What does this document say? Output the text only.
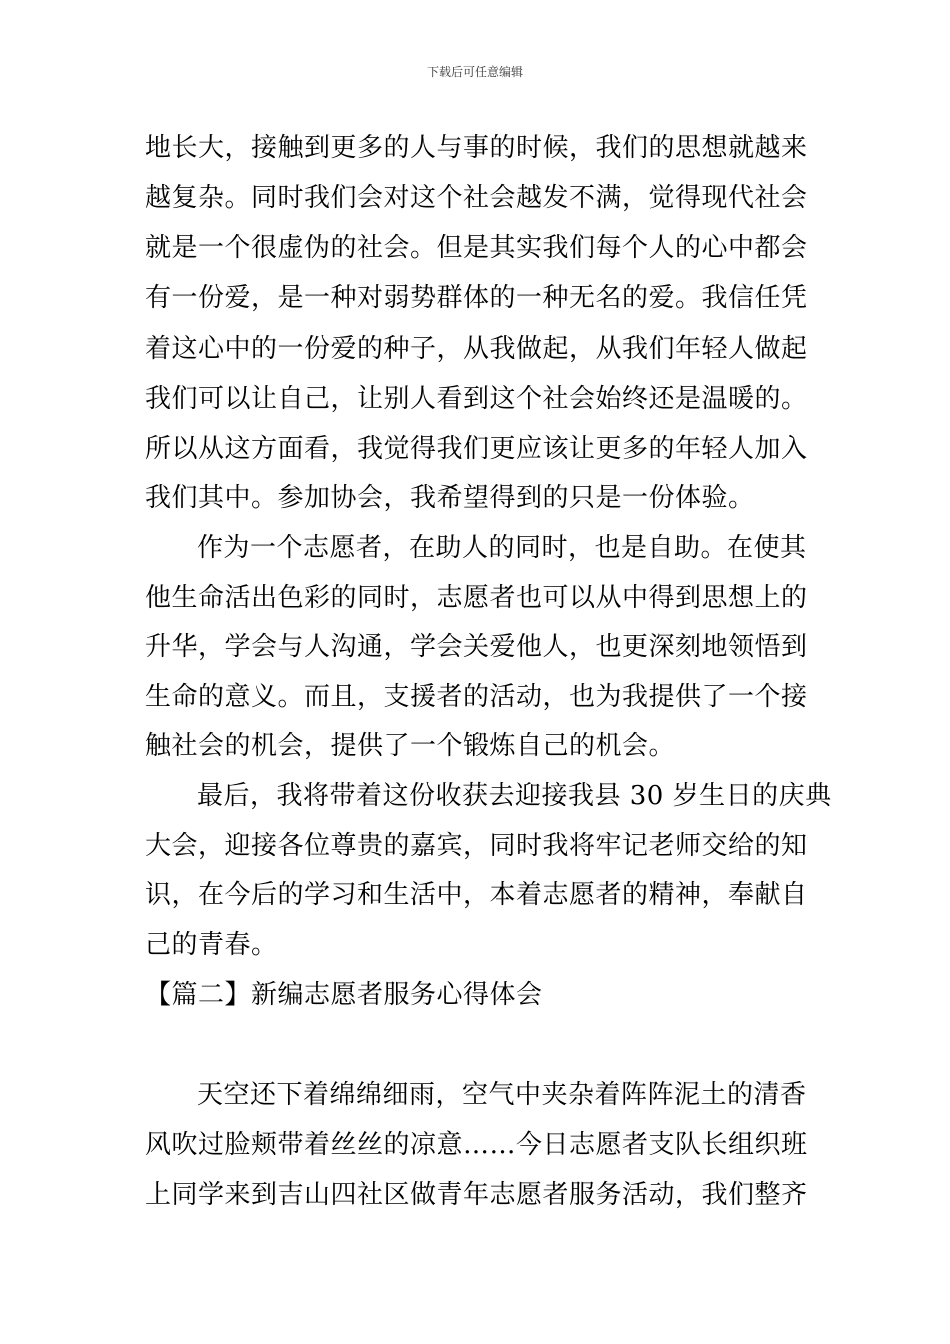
下载后可任意编辑
地长大，接触到更多的人与事的时候，我们的思想就越来
越复杂。同时我们会对这个社会越发不满，觉得现代社会
就是一个很虚伪的社会。但是其实我们每个人的心中都会
有一份爱，是一种对弱势群体的一种无名的爱。我信任凭
着这心中的一份爱的种子，从我做起，从我们年轻人做起
我们可以让自己，让别人看到这个社会始终还是温暖的。
所以从这方面看，我觉得我们更应该让更多的年轻人加入
我们其中。参加协会，我希望得到的只是一份体验。
作为一个志愿者，在助人的同时，也是自助。在使其
他生命活出色彩的同时，志愿者也可以从中得到思想上的
升华，学会与人沟通，学会关爱他人，也更深刻地领悟到
生命的意义。而且，支援者的活动，也为我提供了一个接
触社会的机会，提供了一个锻炼自己的机会。
最后，我将带着这份收获去迎接我县 30 岁生日的庆典
大会，迎接各位尊贵的嘉宾，同时我将牢记老师交给的知
识，在今后的学习和生活中，本着志愿者的精神，奉献自
己的青春。
【篇二】新编志愿者服务心得体会
天空还下着绵绵细雨，空气中夹杂着阵阵泥土的清香
风吹过脸颊带着丝丝的凉意……今日志愿者支队长组织班
上同学来到吉山四社区做青年志愿者服务活动，我们整齐
